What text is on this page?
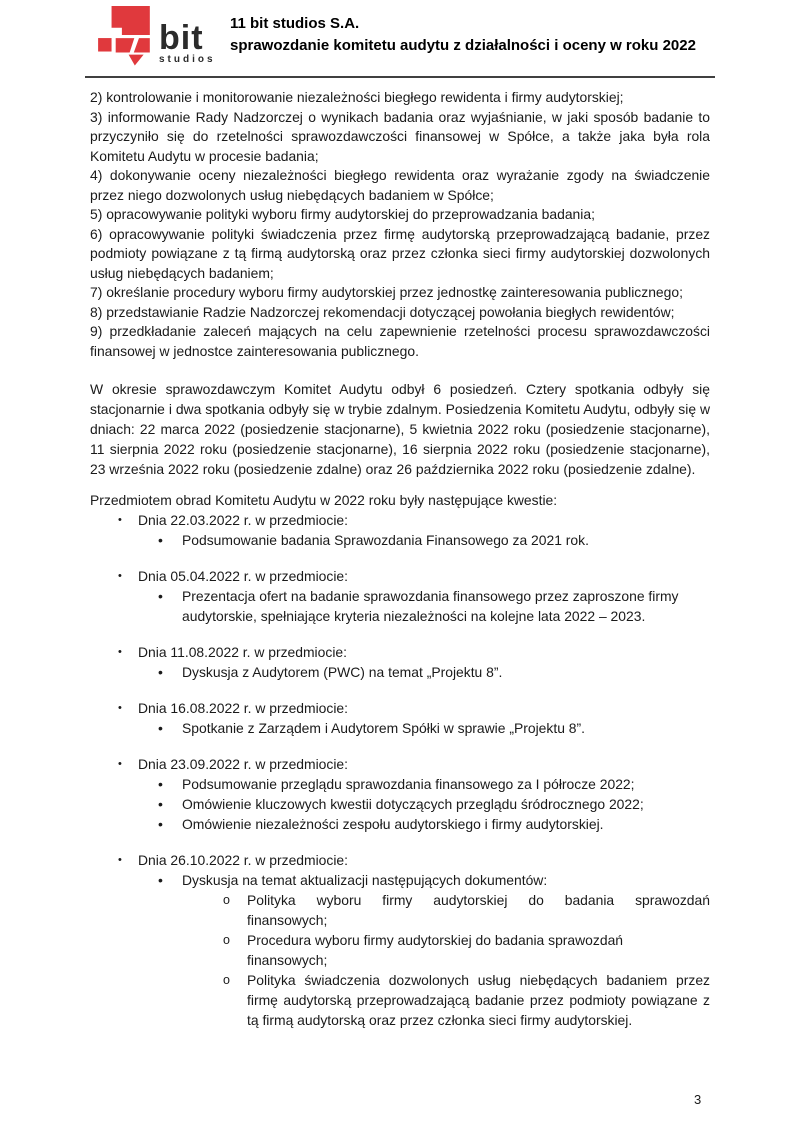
bit
studios
11 bit studios S.A.
sprawozdanie komitetu audytu z działalności i oceny w roku 2022

2) kontrolowanie i monitorowanie niezależności biegłego rewidenta i firmy audytorskiej;

3) informowanie Rady Nadzorczej o wynikach badania oraz wyjaśnianie, w jaki sposób badanie to przyczyniło się do rzetelności sprawozdawczości finansowej w Spółce, a także jaka była rola Komitetu Audytu w procesie badania;

4) dokonywanie oceny niezależności biegłego rewidenta oraz wyrażanie zgody na świadczenie przez niego dozwolonych usług niebędących badaniem w Spółce;

5) opracowywanie polityki wyboru firmy audytorskiej do przeprowadzania badania;

6) opracowywanie polityki świadczenia przez firmę audytorską przeprowadzającą badanie, przez podmioty powiązane z tą firmą audytorską oraz przez członka sieci firmy audytorskiej dozwolonych usług niebędących badaniem;

7) określanie procedury wyboru firmy audytorskiej przez jednostkę zainteresowania publicznego;

8) przedstawianie Radzie Nadzorczej rekomendacji dotyczącej powołania biegłych rewidentów;

9) przedkładanie zaleceń mających na celu zapewnienie rzetelności procesu sprawozdawczości finansowej w jednostce zainteresowania publicznego.

W okresie sprawozdawczym Komitet Audytu odbył 6 posiedzeń. Cztery spotkania odbyły się stacjonarnie i dwa spotkania odbyły się w trybie zdalnym. Posiedzenia Komitetu Audytu, odbyły się w dniach: 22 marca 2022 (posiedzenie stacjonarne), 5 kwietnia 2022 roku (posiedzenie stacjonarne), 11 sierpnia 2022 roku (posiedzenie stacjonarne), 16 sierpnia 2022 roku (posiedzenie stacjonarne), 23 września 2022 roku (posiedzenie zdalne) oraz 26 października 2022 roku (posiedzenie zdalne).

Przedmiotem obrad Komitetu Audytu w 2022 roku były następujące kwestie:

• Dnia 22.03.2022 r. w przedmiocie:
• Podsumowanie badania Sprawozdania Finansowego za 2021 rok.
• Dnia 05.04.2022 r. w przedmiocie:
• Prezentacja ofert na badanie sprawozdania finansowego przez zaproszone firmy audytorskie, spełniające kryteria niezależności na kolejne lata 2022 – 2023.
• Dnia 11.08.2022 r. w przedmiocie:
• Dyskusja z Audytorem (PWC) na temat „Projektu 8”.
• Dnia 16.08.2022 r. w przedmiocie:
• Spotkanie z Zarządem i Audytorem Spółki w sprawie „Projektu 8”.
• Dnia 23.09.2022 r. w przedmiocie:
• Podsumowanie przeglądu sprawozdania finansowego za I półrocze 2022;
• Omówienie kluczowych kwestii dotyczących przeglądu śródrocznego 2022;
• Omówienie niezależności zespołu audytorskiego i firmy audytorskiej.
• Dnia 26.10.2022 r. w przedmiocie:
• Dyskusja na temat aktualizacji następujących dokumentów:
o Polityka wyboru firmy audytorskiej do badania sprawozdań
finansowych;
o Procedura wyboru firmy audytorskiej do badania sprawozdań
finansowych;
o Polityka świadczenia dozwolonych usług niebędących badaniem przez firmę audytorską przeprowadzającą badanie przez podmioty powiązane z tą firmą audytorską oraz przez członka sieci firmy audytorskiej.
3
